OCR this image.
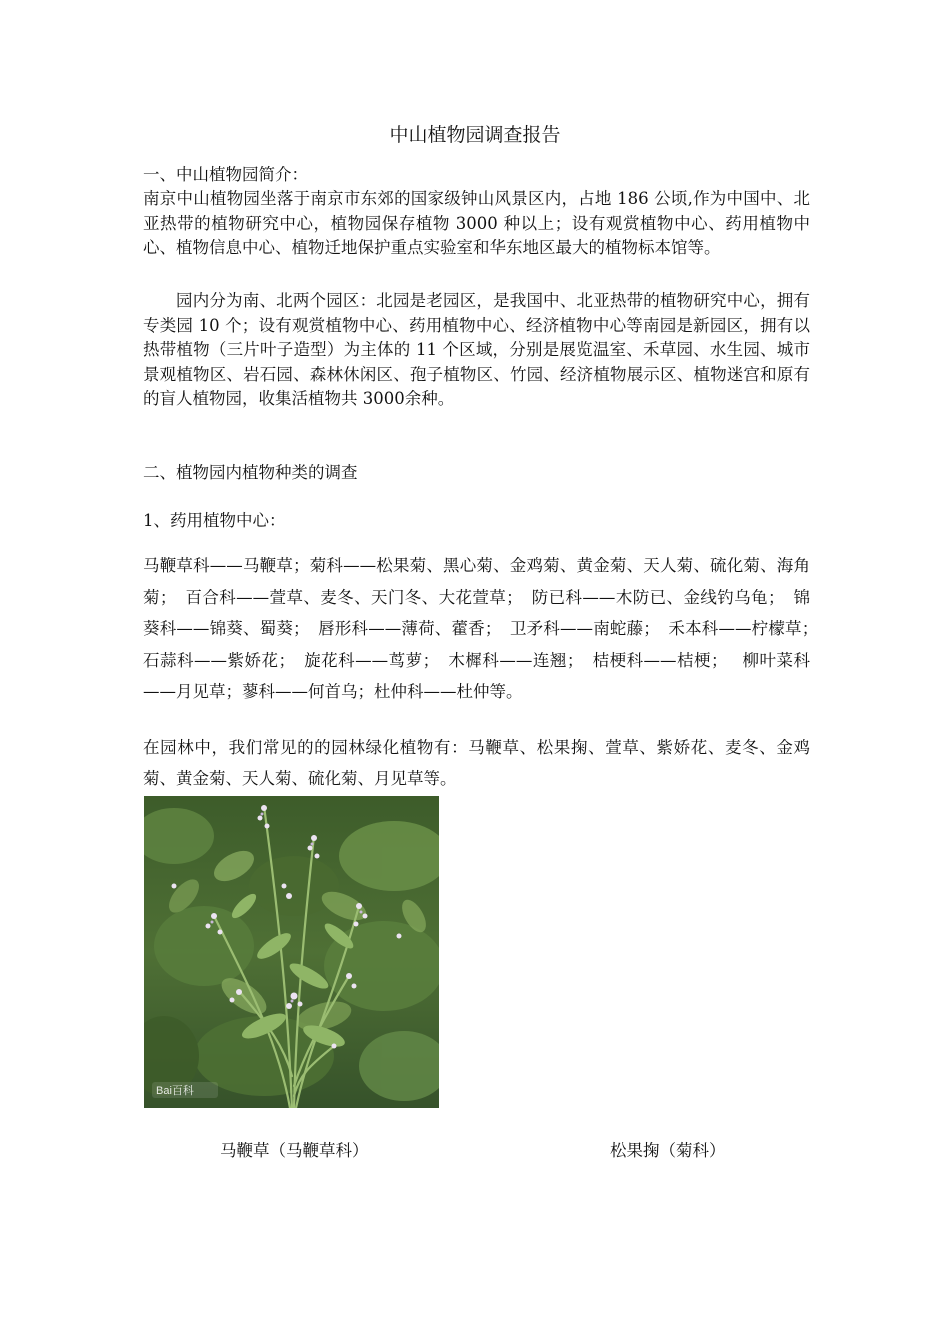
中山植物园调查报告

一、中山植物园简介：

南京中山植物园坐落于南京市东郊的国家级钟山风景区内，占地 186 公顷,作为中国中、北亚热带的植物研究中心，植物园保存植物 3000 种以上；设有观赏植物中心、药用植物中心、植物信息中心、植物迁地保护重点实验室和华东地区最大的植物标本馆等。

园内分为南、北两个园区：北园是老园区，是我国中、北亚热带的植物研究中心，拥有专类园 10 个；设有观赏植物中心、药用植物中心、经济植物中心等南园是新园区，拥有以热带植物（三片叶子造型）为主体的 11 个区域，分别是展览温室、禾草园、水生园、城市景观植物区、岩石园、森林休闲区、孢子植物区、竹园、经济植物展示区、植物迷宫和原有的盲人植物园，收集活植物共 3000余种。

二、植物园内植物种类的调查

1、药用植物中心：

马鞭草科——马鞭草；菊科——松果菊、黑心菊、金鸡菊、黄金菊、天人菊、硫化菊、海角菊；　百合科——萱草、麦冬、天门冬、大花萱草；　防已科——木防已、金线钓乌龟；　锦葵科——锦葵、蜀葵；　唇形科——薄荷、藿香；　卫矛科——南蛇藤；　禾本科——柠檬草；　石蒜科——紫娇花；　旋花科——茑萝；　木樨科——连翘；　桔梗科——桔梗；　 柳叶菜科——月见草；蓼科——何首乌；杜仲科——杜仲等。

在园林中，我们常见的的园林绿化植物有：马鞭草、松果掬、萱草、紫娇花、麦冬、金鸡菊、黄金菊、天人菊、硫化菊、月见草等。

Bai百科

马鞭草（马鞭草科）	松果掬（菊科）
